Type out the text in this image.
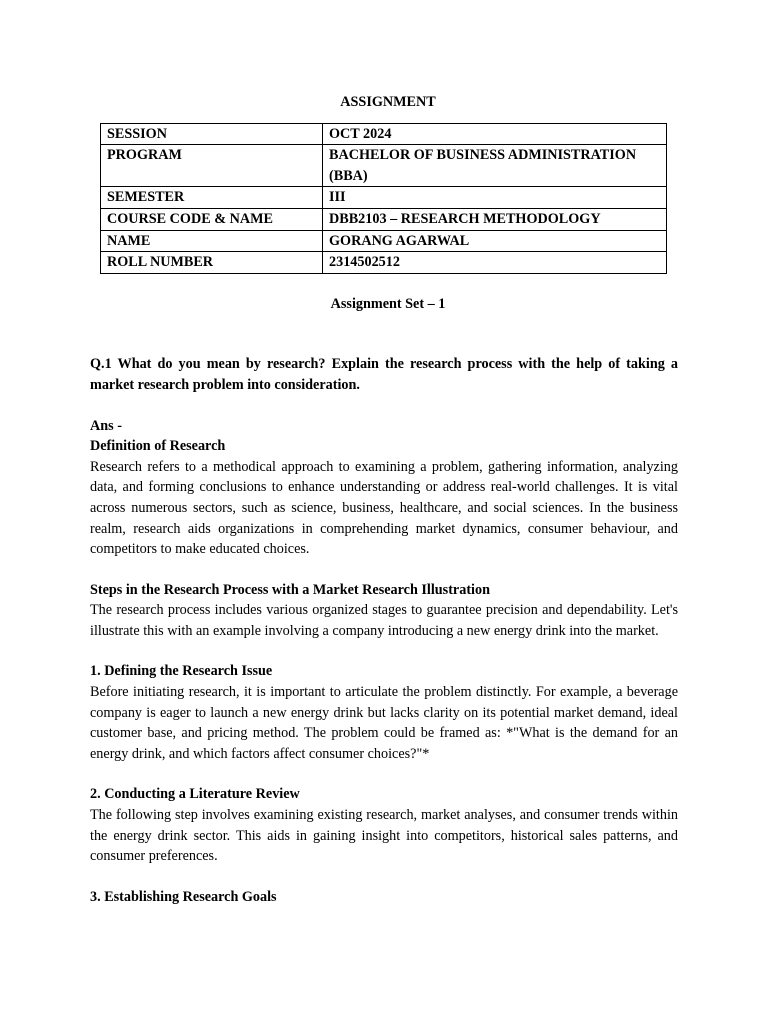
ASSIGNMENT
SESSION	OCT 2024
PROGRAM	BACHELOR OF BUSINESS ADMINISTRATION (BBA)
SEMESTER	III
COURSE CODE & NAME	DBB2103 – RESEARCH METHODOLOGY
NAME	GORANG AGARWAL
ROLL NUMBER	2314502512
Assignment Set – 1

Q.1 What do you mean by research? Explain the research process with the help of taking a market research problem into consideration.

Ans -
Definition of Research

Research refers to a methodical approach to examining a problem, gathering information, analyzing data, and forming conclusions to enhance understanding or address real-world challenges. It is vital across numerous sectors, such as science, business, healthcare, and social sciences. In the business realm, research aids organizations in comprehending market dynamics, consumer behaviour, and competitors to make educated choices.

Steps in the Research Process with a Market Research Illustration

The research process includes various organized stages to guarantee precision and dependability. Let's illustrate this with an example involving a company introducing a new energy drink into the market.

1. Defining the Research Issue

Before initiating research, it is important to articulate the problem distinctly. For example, a beverage company is eager to launch a new energy drink but lacks clarity on its potential market demand, ideal customer base, and pricing method. The problem could be framed as: *"What is the demand for an energy drink, and which factors affect consumer choices?"*

2. Conducting a Literature Review

The following step involves examining existing research, market analyses, and consumer trends within the energy drink sector. This aids in gaining insight into competitors, historical sales patterns, and consumer preferences.

3. Establishing Research Goals
